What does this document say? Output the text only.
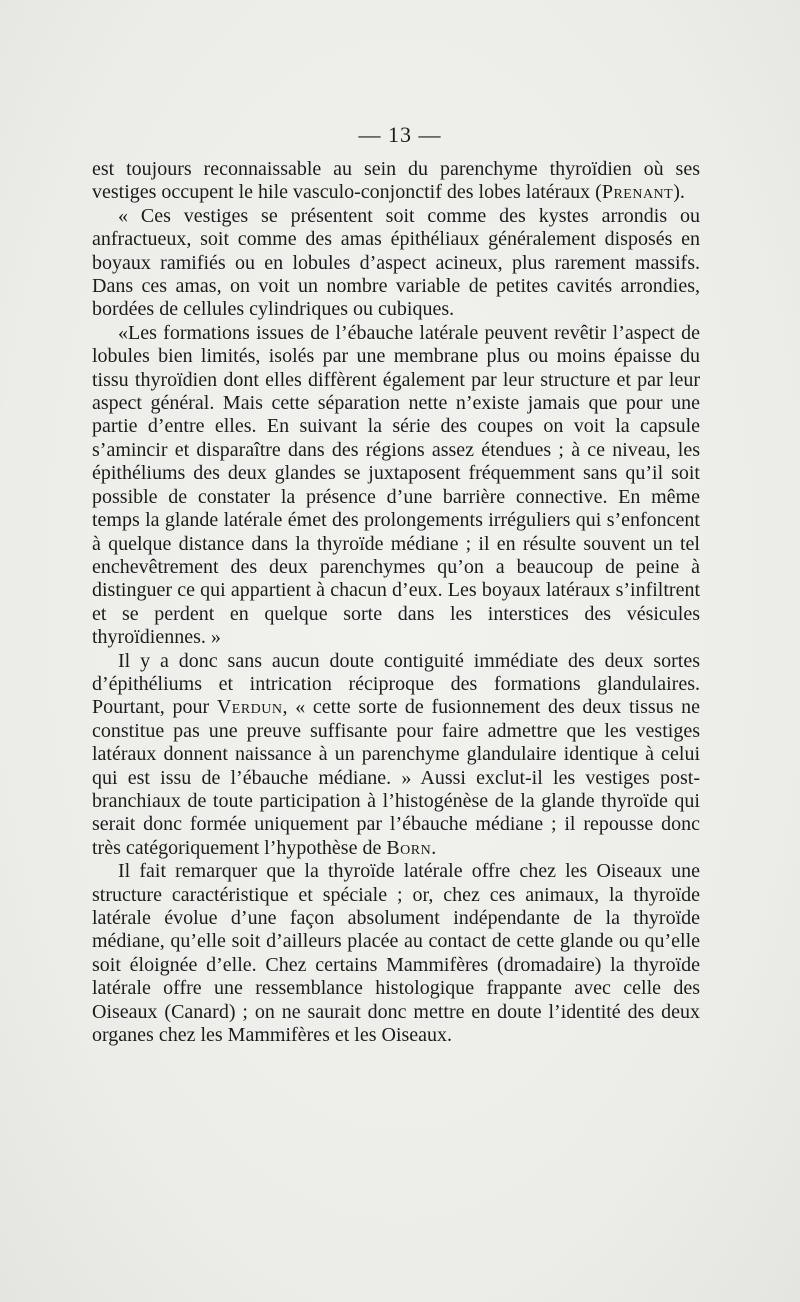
— 13 —

est toujours reconnaissable au sein du parenchyme thyroïdien où ses vestiges occupent le hile vasculo-conjonctif des lobes latéraux (Prenant).

« Ces vestiges se présentent soit comme des kystes arrondis ou anfractueux, soit comme des amas épithéliaux généralement disposés en boyaux ramifiés ou en lobules d’aspect acineux, plus rarement massifs. Dans ces amas, on voit un nombre variable de petites cavités arrondies, bordées de cellules cylindriques ou cubiques.

«Les formations issues de l’ébauche latérale peuvent revêtir l’aspect de lobules bien limités, isolés par une membrane plus ou moins épaisse du tissu thyroïdien dont elles diffèrent également par leur structure et par leur aspect général. Mais cette séparation nette n’existe jamais que pour une partie d’entre elles. En suivant la série des coupes on voit la capsule s’amincir et disparaître dans des régions assez étendues ; à ce niveau, les épithéliums des deux glandes se juxtaposent fréquemment sans qu’il soit possible de constater la présence d’une barrière connective. En même temps la glande latérale émet des prolongements irréguliers qui s’enfoncent à quelque distance dans la thyroïde médiane ; il en résulte souvent un tel enchevêtrement des deux parenchymes qu’on a beaucoup de peine à distinguer ce qui appartient à chacun d’eux. Les boyaux latéraux s’infiltrent et se perdent en quelque sorte dans les interstices des vésicules thyroïdiennes. »

Il y a donc sans aucun doute contiguité immédiate des deux sortes d’épithéliums et intrication réciproque des formations glandulaires. Pourtant, pour Verdun, « cette sorte de fusionnement des deux tissus ne constitue pas une preuve suffisante pour faire admettre que les vestiges latéraux donnent naissance à un parenchyme glandulaire identique à celui qui est issu de l’ébauche médiane. » Aussi exclut-il les vestiges post-branchiaux de toute participation à l’histogénèse de la glande thyroïde qui serait donc formée uniquement par l’ébauche médiane ; il repousse donc très catégoriquement l’hypothèse de Born.

Il fait remarquer que la thyroïde latérale offre chez les Oiseaux une structure caractéristique et spéciale ; or, chez ces animaux, la thyroïde latérale évolue d’une façon absolument indépendante de la thyroïde médiane, qu’elle soit d’ailleurs placée au contact de cette glande ou qu’elle soit éloignée d’elle. Chez certains Mammifères (dromadaire) la thyroïde latérale offre une ressemblance histologique frappante avec celle des Oiseaux (Canard) ; on ne saurait donc mettre en doute l’identité des deux organes chez les Mammifères et les Oiseaux.
